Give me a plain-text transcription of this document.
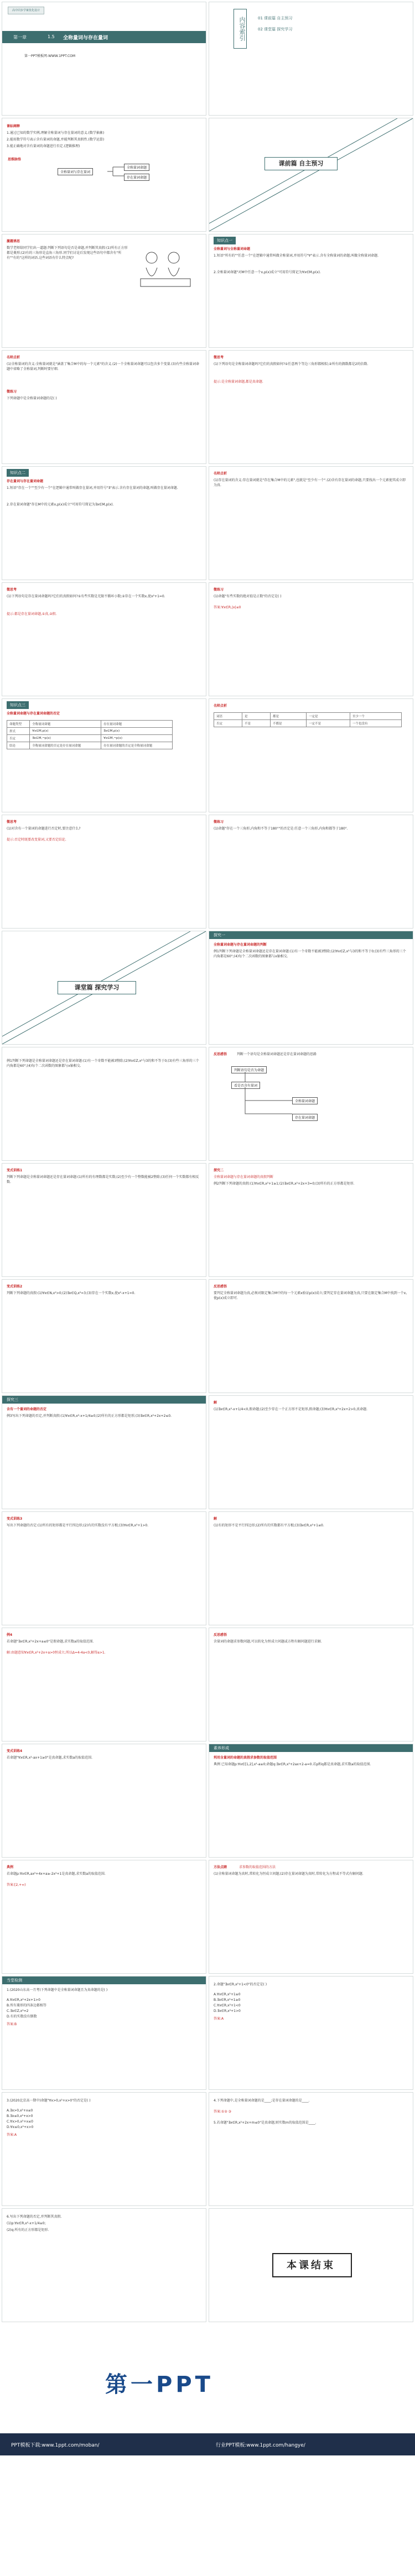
高中同步学案优化设计
第一章	1.5 全称量词与存在量词
第一PPT模板网-WWW.1PPT.COM
内容索引	01 课前篇 自主预习
02 课堂篇 探究学习
课标阐释
1.通过已知的数学实例,理解全称量词与存在量词的意义.(数学抽象)
2.能用数学符号表示含有量词的命题,并能判断其真假性.(数学运算)
3.能正确地对含有量词的命题进行否定.(逻辑推理)
思维脉络
全称量词与存在量词
全称量词命题
存在量词命题
课前篇 自主预习
激趣诱思
数学老师给同学们出一道题:判断下列语句是否是命题,并判断其真假:(1)所有正方形都是菱形;(2)有的三角形是直角三角形.同学们讨论后发现这些语句中都含有"所有""有的"这样的词语.这些词语有什么特点呢?
知识点一
全称量词与全称量词命题
1.短语"所有的""任意一个"在逻辑中通常叫做全称量词,并用符号"∀"表示.含有全称量词的命题,叫做全称量词命题.
2.全称量词命题"对M中任意一个x,p(x)成立"可用符号简记为∀x∈M,p(x).
名师点析
(1)全称量词的含义:全称量词就是"涵盖了集合M中的每一个元素"的含义.(2)一个全称量词命题可以包含多个变量.(3)有些全称量词命题中省略了全称量词,判断时要仔细.
微练习
下列命题中是全称量词命题的是( )
微思考
(1)下列语句是全称量词命题吗?它们的真假如何?①任意两个等边三角形都相似;②所有的偶数都是2的倍数.
提示:是全称量词命题,都是真命题.
知识点二
存在量词与存在量词命题
1.短语"存在一个""至少有一个"在逻辑中通常叫做存在量词,并用符号"∃"表示.含有存在量词的命题,叫做存在量词命题.
2.存在量词命题"存在M中的元素x,p(x)成立"可用符号简记为∃x∈M,p(x).
名师点析
(1)存在量词的含义:存在量词就是"存在集合M中的元素",也就是"至少有一个".(2)含有存在量词的命题,只要找出一个元素使其成立即为真.
微思考
(1)下列语句是存在量词命题吗?它们的真假如何?①有些实数是无限不循环小数;②存在一个实数x,使x²+1=0.
提示:都是存在量词命题,①真,②假.
微练习
(1)命题"有些实数的绝对值是正数"的否定是( )
答案:∀x∈R,|x|≤0
知识点三
全称量词命题与存在量词命题的否定
命题类型	全称量词命题	存在量词命题
形式	∀x∈M,p(x)	∃x∈M,p(x)
否定	∃x∈M,¬p(x)	∀x∈M,¬p(x)
结论	全称量词命题的否定是存在量词命题	存在量词命题的否定是全称量词命题
名师点析
词语	是	都是	一定是	至少一个
否定	不是	不都是	一定不是	一个也没有
微思考
(1)对含有一个量词的命题进行否定时,要注意什么?
提示:否定时既要改变量词,又要否定结论.
微练习
(1)命题"存在一个三角形,内角和不等于180°"的否定是:任意一个三角形,内角和都等于180°.
课堂篇 探究学习
探究一
全称量词命题与存在量词命题的判断
例1判断下列命题是全称量词命题还是存在量词命题:(1)有一个奇数不能被3整除;(2)∀x∈Z,x²与3的和不等于0;(3)有些三角形的三个内角都是60°;(4)每个二次函数的图象都与x轴相交.
例1判断下列命题是全称量词命题还是存在量词命题:(1)有一个奇数不能被3整除;(2)∀x∈Z,x²与3的和不等于0;(3)有些三角形的三个内角都是60°;(4)每个二次函数的图象都与x轴相交.
反思感悟	判断一个语句是全称量词命题还是存在量词命题的思路
判断语句是否为命题
看是否含有量词
全称量词命题
存在量词命题
变式训练1
判断下列命题是全称量词命题还是存在量词命题:(1)所有的有理数都是实数;(2)至少有一个整数能被2整除;(3)任何一个实数都有相反数.
探究二
全称量词命题与存在量词命题的真假判断
例2判断下列命题的真假:(1)∀x∈R,x²+1≥1;(2)∃x∈R,x²+2x+3=0;(3)所有的正方形都是矩形.
变式训练2
判断下列命题的真假:(1)∀x∈N,x²>0;(2)∃x∈Q,x²=3;(3)存在一个实数x,使x²-x+1=0.
反思感悟
要判定全称量词命题为真,必须对限定集合M中的每一个元素x验证p(x)成立;要判定存在量词命题为真,只要在限定集合M中找到一个x,使p(x)成立即可.
探究三
含有一个量词的命题的否定
例3写出下列命题的否定,并判断真假:(1)∀x∈R,x²-x+1/4≥0;(2)所有的正方形都是矩形;(3)∃x∈R,x²+2x+2≤0.
解
(1)∃x∈R,x²-x+1/4<0,假命题;(2)至少存在一个正方形不是矩形,假命题;(3)∀x∈R,x²+2x+2>0,真命题.
变式训练3
写出下列命题的否定:(1)所有的矩形都是平行四边形;(2)有的实数没有平方根;(3)∀x∈R,x²+1>0.
解
(1)有的矩形不是平行四边形;(2)所有的实数都有平方根;(3)∃x∈R,x²+1≤0.
例4
若命题"∃x∈R,x²+2x+a≤0"是假命题,求实数a的取值范围.
解:由题意知∀x∈R,x²+2x+a>0恒成立,所以Δ=4-4a<0,解得a>1.
反思感悟
含量词的命题求参数问题,可以转化为恒成立问题或方程有解问题进行求解.
变式训练4
若命题"∀x∈R,x²-ax+1≥0"是真命题,求实数a的取值范围.
素养形成
利用含量词的命题的真假求参数的取值范围
典例 已知命题p:∀x∈[1,2],x²-a≥0;命题q:∃x∈R,x²+2ax+2-a=0.若p和q都是真命题,求实数a的取值范围.
典例
若命题p:∀x∈R,ax²+4x+a≥-2x²+1是真命题,求实数a的取值范围.
答案:[2,+∞)
方法点睛	求参数的取值范围的方法
(1)全称量词命题为真时,常转化为恒成立问题;(2)存在量词命题为真时,常转化为方程或不等式有解问题.
当堂检测
1.(2020山东高一月考)下列命题中是全称量词命题且为真命题的是( )
A.∀x∈R,x²+2x+1>0
B.所有菱形的四条边都相等
C.∃x∈Z,x²=2
D.有的实数没有倒数
答案:B
2.命题"∃x∈R,x²+1<0"的否定是( )
A.∀x∈R,x²+1≥0
B.∃x∈R,x²+1≥0
C.∀x∈R,x²+1<0
D.∃x∈R,x²+1>0
答案:A
3.(2020北京高一期中)命题"∀x>0,x²+x>0"的否定是( )
A.∃x>0,x²+x≤0
B.∃x≤0,x²+x>0
C.∀x>0,x²+x≤0
D.∀x≤0,x²+x>0
答案:A
4.下列命题中,是全称量词命题的是____;是存在量词命题的是____.
答案:①② ③
5.若命题"∃x∈R,x²+2x+m≤0"是真命题,则实数m的取值范围是____.
6.写出下列命题的否定,并判断其真假.
(1)p:∀x∈R,x²-x+1/4≥0;
(2)q:所有的正方形都是矩形.
本课结束
第一PPT
PPT模板下载:www.1ppt.com/moban/	行业PPT模板:www.1ppt.com/hangye/
